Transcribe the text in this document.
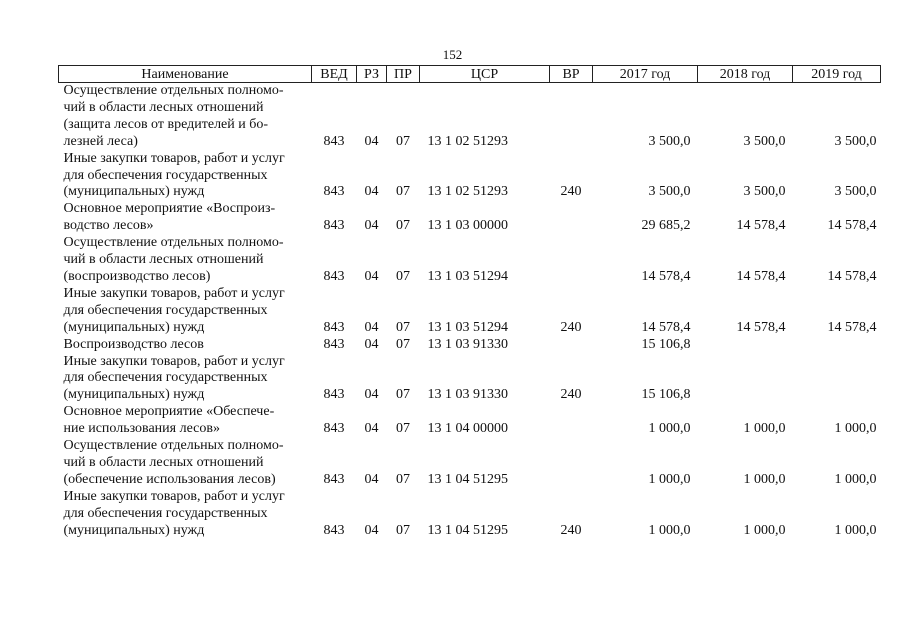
152
Наименование	ВЕД	РЗ	ПР	ЦСР	ВР	2017 год	2018 год	2019 год

Осуществление отдельных полномо-
чий в области лесных отношений
(защита лесов от вредителей и бо-
лезней леса)	843	04	07	13 1 02 51293		3 500,0	3 500,0	3 500,0

Иные закупки товаров, работ и услуг
для обеспечения государственных
(муниципальных) нужд	843	04	07	13 1 02 51293	240	3 500,0	3 500,0	3 500,0

Основное мероприятие «Воспроиз-
водство лесов»	843	04	07	13 1 03 00000		29 685,2	14 578,4	14 578,4

Осуществление отдельных полномо-
чий в области лесных отношений
(воспроизводство лесов)	843	04	07	13 1 03 51294		14 578,4	14 578,4	14 578,4

Иные закупки товаров, работ и услуг
для обеспечения государственных
(муниципальных) нужд	843	04	07	13 1 03 51294	240	14 578,4	14 578,4	14 578,4

Воспроизводство лесов	843	04	07	13 1 03 91330		15 106,8		

Иные закупки товаров, работ и услуг
для обеспечения государственных
(муниципальных) нужд	843	04	07	13 1 03 91330	240	15 106,8		

Основное мероприятие «Обеспече-
ние использования лесов»	843	04	07	13 1 04 00000		1 000,0	1 000,0	1 000,0

Осуществление отдельных полномо-
чий в области лесных отношений
(обеспечение использования лесов)	843	04	07	13 1 04 51295		1 000,0	1 000,0	1 000,0

Иные закупки товаров, работ и услуг
для обеспечения государственных
(муниципальных) нужд	843	04	07	13 1 04 51295	240	1 000,0	1 000,0	1 000,0
